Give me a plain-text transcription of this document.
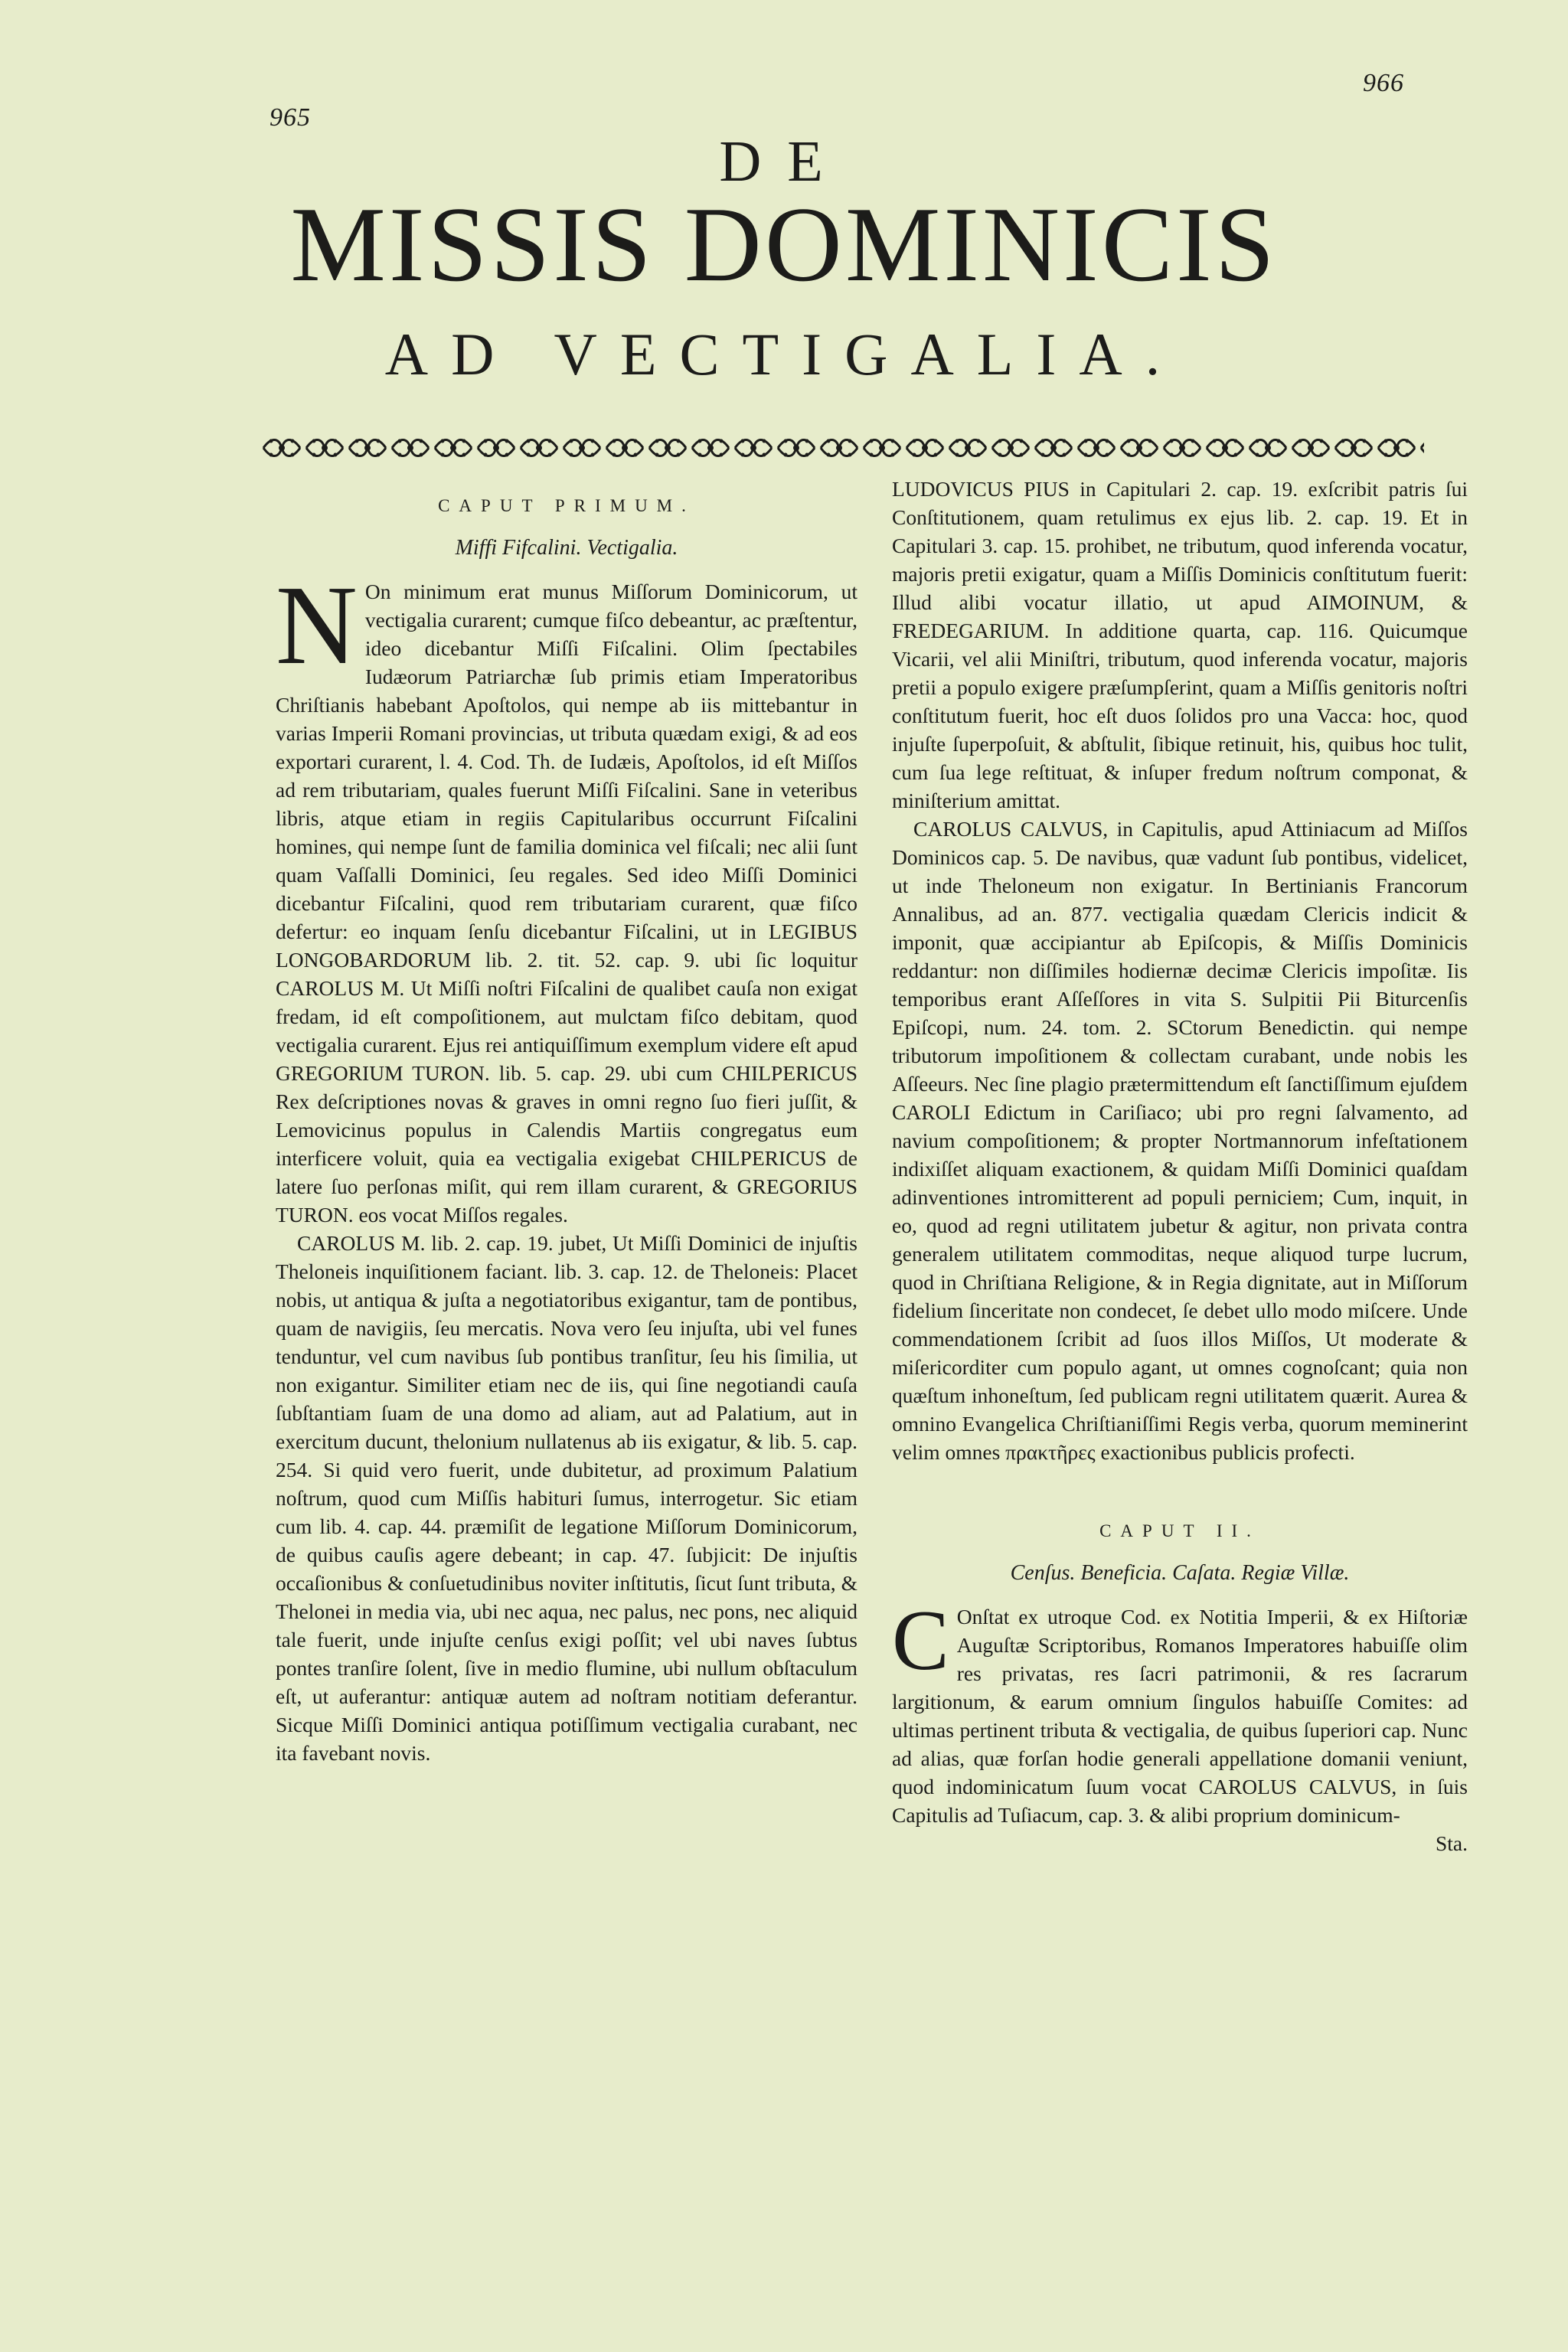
965
966
DE
MISSIS DOMINICIS
AD VECTIGALIA.

CAPUT PRIMUM.

Miffi Fifcalini. Vectigalia.

N On minimum erat munus Miſſorum Dominicorum, ut vectigalia curarent; cumque fiſco debeantur, ac præſtentur, ideo dicebantur Miſſi Fiſcalini. Olim ſpectabiles Iudæorum Patriarchæ ſub primis etiam Imperatoribus Chriſtianis habebant Apoſtolos, qui nempe ab iis mittebantur in varias Imperii Romani provincias, ut tributa quædam exigi, & ad eos exportari curarent, l. 4. Cod. Th. de Iudæis, Apoſtolos, id eſt Miſſos ad rem tributariam, quales fuerunt Miſſi Fiſcalini. Sane in veteribus libris, atque etiam in regiis Capitularibus occurrunt Fiſcalini homines, qui nempe ſunt de familia dominica vel fiſcali; nec alii ſunt quam Vaſſalli Dominici, ſeu regales. Sed ideo Miſſi Dominici dicebantur Fiſcalini, quod rem tributariam curarent, quæ fiſco defertur: eo inquam ſenſu dicebantur Fiſcalini, ut in LEGIBUS LONGOBARDORUM lib. 2. tit. 52. cap. 9. ubi ſic loquitur CAROLUS M. Ut Miſſi noſtri Fiſcalini de qualibet cauſa non exigat fredam, id eſt compoſitionem, aut mulctam fiſco debitam, quod vectigalia curarent. Ejus rei antiquiſſimum exemplum videre eſt apud GREGORIUM TURON. lib. 5. cap. 29. ubi cum CHILPERICUS Rex deſcriptiones novas & graves in omni regno ſuo fieri juſſit, & Lemovicinus populus in Calendis Martiis congregatus eum interficere voluit, quia ea vectigalia exigebat CHILPERICUS de latere ſuo perſonas miſit, qui rem illam curarent, & GREGORIUS TURON. eos vocat Miſſos regales.

CAROLUS M. lib. 2. cap. 19. jubet, Ut Miſſi Dominici de injuſtis Theloneis inquiſitionem faciant. lib. 3. cap. 12. de Theloneis: Placet nobis, ut antiqua & juſta a negotiatoribus exigantur, tam de pontibus, quam de navigiis, ſeu mercatis. Nova vero ſeu injuſta, ubi vel funes tenduntur, vel cum navibus ſub pontibus tranſitur, ſeu his ſimilia, ut non exigantur. Similiter etiam nec de iis, qui ſine negotiandi cauſa ſubſtantiam ſuam de una domo ad aliam, aut ad Palatium, aut in exercitum ducunt, thelonium nullatenus ab iis exigatur, & lib. 5. cap. 254. Si quid vero fuerit, unde dubitetur, ad proximum Palatium noſtrum, quod cum Miſſis habituri ſumus, interrogetur. Sic etiam cum lib. 4. cap. 44. præmiſit de legatione Miſſorum Dominicorum, de quibus cauſis agere debeant; in cap. 47. ſubjicit: De injuſtis occaſionibus & conſuetudinibus noviter inſtitutis, ſicut ſunt tributa, & Thelonei in media via, ubi nec aqua, nec palus, nec pons, nec aliquid tale fuerit, unde injuſte cenſus exigi poſſit; vel ubi naves ſubtus pontes tranſire ſolent, ſive in medio flumine, ubi nullum obſtaculum eſt, ut auferantur: antiquæ autem ad noſtram notitiam deferantur. Sicque Miſſi Dominici antiqua potiſſimum vectigalia curabant, nec ita favebant novis.

LUDOVICUS PIUS in Capitulari 2. cap. 19. exſcribit patris ſui Conſtitutionem, quam retulimus ex ejus lib. 2. cap. 19. Et in Capitulari 3. cap. 15. prohibet, ne tributum, quod inferenda vocatur, majoris pretii exigatur, quam a Miſſis Dominicis conſtitutum fuerit: Illud alibi vocatur illatio, ut apud AIMOINUM, & FREDEGARIUM. In additione quarta, cap. 116. Quicumque Vicarii, vel alii Miniſtri, tributum, quod inferenda vocatur, majoris pretii a populo exigere præſumpſerint, quam a Miſſis genitoris noſtri conſtitutum fuerit, hoc eſt duos ſolidos pro una Vacca: hoc, quod injuſte ſuperpoſuit, & abſtulit, ſibique retinuit, his, quibus hoc tulit, cum ſua lege reſtituat, & inſuper fredum noſtrum componat, & miniſterium amittat.

CAROLUS CALVUS, in Capitulis, apud Attiniacum ad Miſſos Dominicos cap. 5. De navibus, quæ vadunt ſub pontibus, videlicet, ut inde Theloneum non exigatur. In Bertinianis Francorum Annalibus, ad an. 877. vectigalia quædam Clericis indicit & imponit, quæ accipiantur ab Epiſcopis, & Miſſis Dominicis reddantur: non diſſimiles hodiernæ decimæ Clericis impoſitæ. Iis temporibus erant Aſſeſſores in vita S. Sulpitii Pii Biturcenſis Epiſcopi, num. 24. tom. 2. SCtorum Benedictin. qui nempe tributorum impoſitionem & collectam curabant, unde nobis les Aſſeeurs. Nec ſine plagio prætermittendum eſt ſanctiſſimum ejuſdem CAROLI Edictum in Cariſiaco; ubi pro regni ſalvamento, ad navium compoſitionem; & propter Nortmannorum infeſtationem indixiſſet aliquam exactionem, & quidam Miſſi Dominici quaſdam adinventiones intromitterent ad populi perniciem; Cum, inquit, in eo, quod ad regni utilitatem jubetur & agitur, non privata contra generalem utilitatem commoditas, neque aliquod turpe lucrum, quod in Chriſtiana Religione, & in Regia dignitate, aut in Miſſorum fidelium ſinceritate non condecet, ſe debet ullo modo miſcere. Unde commendationem ſcribit ad ſuos illos Miſſos, Ut moderate & miſericorditer cum populo agant, ut omnes cognoſcant; quia non quæſtum inhoneſtum, ſed publicam regni utilitatem quærit. Aurea & omnino Evangelica Chriſtianiſſimi Regis verba, quorum meminerint velim omnes πρακτῆρες exactionibus publicis profecti.

CAPUT II.

Cenſus. Beneficia. Caſata. Regiæ Villæ.

C Onſtat ex utroque Cod. ex Notitia Imperii, & ex Hiſtoriæ Auguſtæ Scriptoribus, Romanos Imperatores habuiſſe olim res privatas, res ſacri patrimonii, & res ſacrarum largitionum, & earum omnium ſingulos habuiſſe Comites: ad ultimas pertinent tributa & vectigalia, de quibus ſuperiori cap. Nunc ad alias, quæ forſan hodie generali appellatione domanii veniunt, quod indominicatum ſuum vocat CAROLUS CALVUS, in ſuis Capitulis ad Tuſiacum, cap. 3. & alibi proprium dominicum-

Sta.
